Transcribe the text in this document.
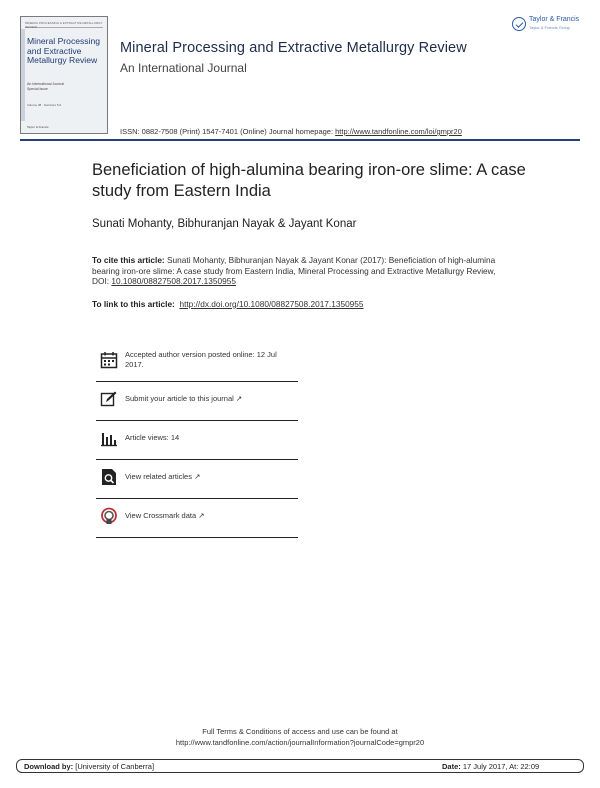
MINERAL PROCESSING & EXTRACTIVE METALLURGY REVIEW
Mineral Processing and Extractive Metallurgy Review
An International Journal
Special Issue
Volume 38 · Numbers 5-6
Taylor & Francis
Mineral Processing and Extractive Metallurgy Review
An International Journal
Taylor & Francis
Taylor & Francis Group
ISSN: 0882-7508 (Print) 1547-7401 (Online) Journal homepage: http://www.tandfonline.com/loi/gmpr20
Beneficiation of high-alumina bearing iron-ore slime: A case study from Eastern India
Sunati Mohanty, Bibhuranjan Nayak & Jayant Konar
To cite this article: Sunati Mohanty, Bibhuranjan Nayak & Jayant Konar (2017): Beneficiation of high-alumina bearing iron-ore slime: A case study from Eastern India, Mineral Processing and Extractive Metallurgy Review, DOI: 10.1080/08827508.2017.1350955
To link to this article: http://dx.doi.org/10.1080/08827508.2017.1350955
Accepted author version posted online: 12 Jul 2017.
Submit your article to this journal ↗
Article views: 14
View related articles ↗
View Crossmark data ↗
Full Terms & Conditions of access and use can be found at
http://www.tandfonline.com/action/journalInformation?journalCode=gmpr20
Download by: [University of Canberra]	Date: 17 July 2017, At: 22:09
